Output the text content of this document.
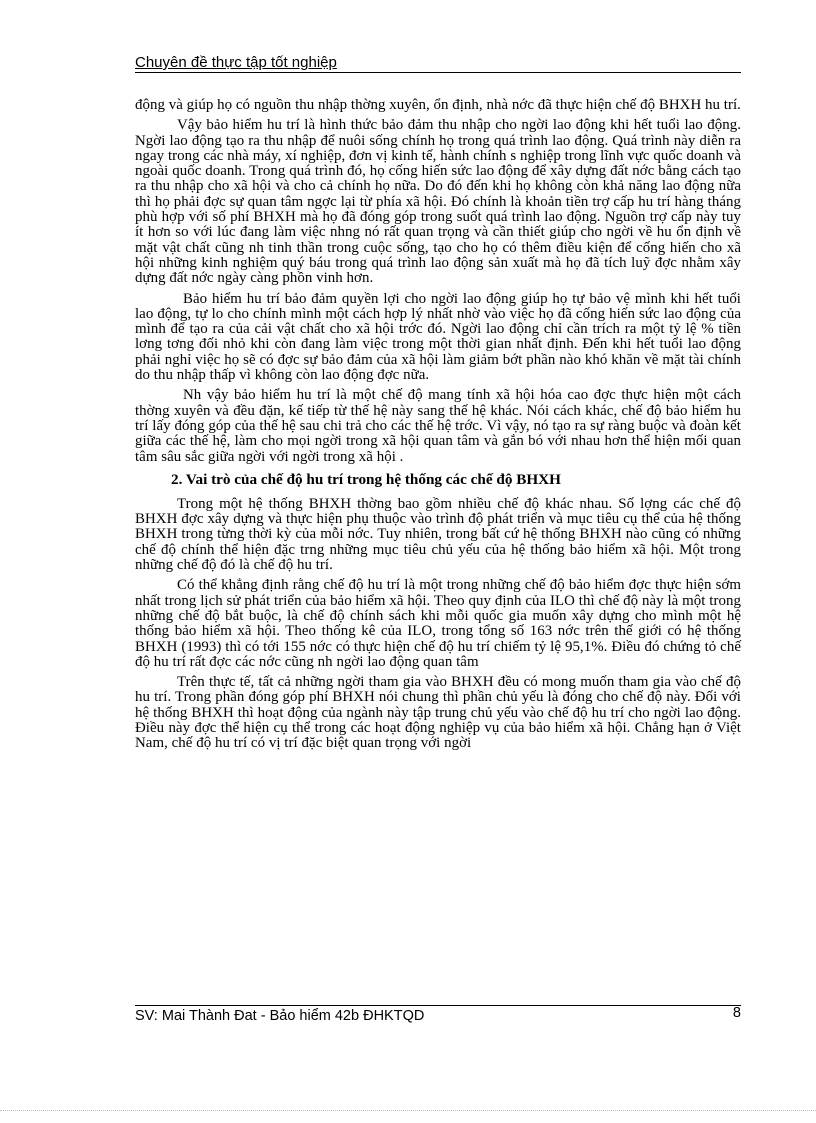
Chuyên đề thực tập tốt nghiệp

động và giúp họ có nguồn thu nhập thờng xuyên, ổn định, nhà nớc đã thực hiện chế độ BHXH hu trí.

Vậy bảo hiểm hu trí là hình thức bảo đảm thu nhập cho ngời lao động khi hết tuổi lao động. Ngời lao động tạo ra thu nhập để nuôi sống chính họ trong quá trình lao động. Quá trình này diễn ra ngay trong các nhà máy, xí nghiệp, đơn vị kinh tế, hành chính s nghiệp trong lĩnh vực quốc doanh và ngoài quốc doanh. Trong quá trình đó, họ cống hiến sức lao động để xây dựng đất nớc bằng cách tạo ra thu nhập cho xã hội và cho cả chính họ nữa. Do đó đến khi họ không còn khả năng lao động nữa thì họ phải đợc sự quan tâm ngợc lại từ phía xã hội. Đó chính là khoản tiền trợ cấp hu trí hàng tháng phù hợp với số phí BHXH mà họ đã đóng góp trong suốt quá trình lao động. Nguồn trợ cấp này tuy ít hơn so với lúc đang làm việc nhng nó rất quan trọng và cần thiết giúp cho ngời về hu ổn định về mặt vật chất cũng nh tinh thần trong cuộc sống, tạo cho họ có thêm điều kiện để cống hiến cho xã hội những kinh nghiệm quý báu trong quá trình lao động sản xuất mà họ đã tích luỹ đợc nhằm xây dựng đất nớc ngày càng phồn vinh hơn.

Bảo hiểm hu trí bảo đảm quyền lợi cho ngời lao động giúp họ tự bảo vệ mình khi hết tuổi lao động, tự lo cho chính mình một cách hợp lý nhất nhờ vào việc họ đã cống hiến sức lao động của mình để tạo ra của cải vật chất cho xã hội trớc đó. Ngời lao động chỉ cần trích ra một tỷ lệ % tiền lơng tơng đối nhỏ khi còn đang làm việc trong một thời gian nhất định. Đến khi hết tuổi lao động phải nghỉ việc họ sẽ có đợc sự bảo đảm của xã hội làm giảm bớt phần nào khó khăn về mặt tài chính do thu nhập thấp vì không còn lao động đợc nữa.

Nh vậy bảo hiểm hu trí là một chế độ mang tính xã hội hóa cao đợc thực hiện một cách thờng xuyên và đều đặn, kế tiếp từ thế hệ này sang thế hệ khác. Nói cách khác, chế độ bảo hiểm hu trí lấy đóng góp của thế hệ sau chi trả cho các thế hệ trớc. Vì vậy, nó tạo ra sự ràng buộc và đoàn kết giữa các thế hệ, làm cho mọi ngời trong xã hội quan tâm và gắn bó với nhau hơn thể hiện mối quan tâm sâu sắc giữa ngời với ngời trong xã hội .

2. Vai trò của chế độ hu trí trong hệ thống các chế độ BHXH

Trong một hệ thống BHXH thờng bao gồm nhiều chế độ khác nhau. Số lợng các chế độ BHXH đợc xây dựng và thực hiện phụ thuộc vào trình độ phát triển và mục tiêu cụ thể của hệ thống BHXH trong từng thời kỳ của mỗi nớc. Tuy nhiên, trong bất cứ hệ thống BHXH nào cũng có những chế độ chính thể hiện đặc trng những mục tiêu chủ yếu của hệ thống bảo hiểm xã hội. Một trong những chế độ đó là chế độ hu trí.

Có thể khẳng định rằng chế độ hu trí là một trong những chế độ bảo hiểm đợc thực hiện sớm nhất trong lịch sử phát triển của bảo hiểm xã hội. Theo quy định của ILO thì chế độ này là một trong những chế độ bắt buộc, là chế độ chính sách khi mỗi quốc gia muốn xây dựng cho mình một hệ thống bảo hiểm xã hội. Theo thống kê của ILO, trong tổng số 163 nớc trên thế giới có hệ thống BHXH (1993) thì có tới 155 nớc có thực hiện chế độ hu trí chiếm tỷ lệ 95,1%. Điều đó chứng tỏ chế độ hu trí rất đợc các nớc cũng nh ngời lao động quan tâm

Trên thực tế, tất cả những ngời tham gia vào BHXH đều có mong muốn tham gia vào chế độ hu trí. Trong phần đóng góp phí BHXH nói chung thì phần chủ yếu là đóng cho chế độ này. Đối với hệ thống BHXH thì hoạt động của ngành này tập trung chủ yếu vào chế độ hu trí cho ngời lao động. Điều này đợc thể hiện cụ thể trong các hoạt động nghiệp vụ của bảo hiểm xã hội. Chẳng hạn ở Việt Nam, chế độ hu trí có vị trí đặc biệt quan trọng với ngời

SV: Mai Thành Đat - Bảo hiểm 42b ĐHKTQD	8
